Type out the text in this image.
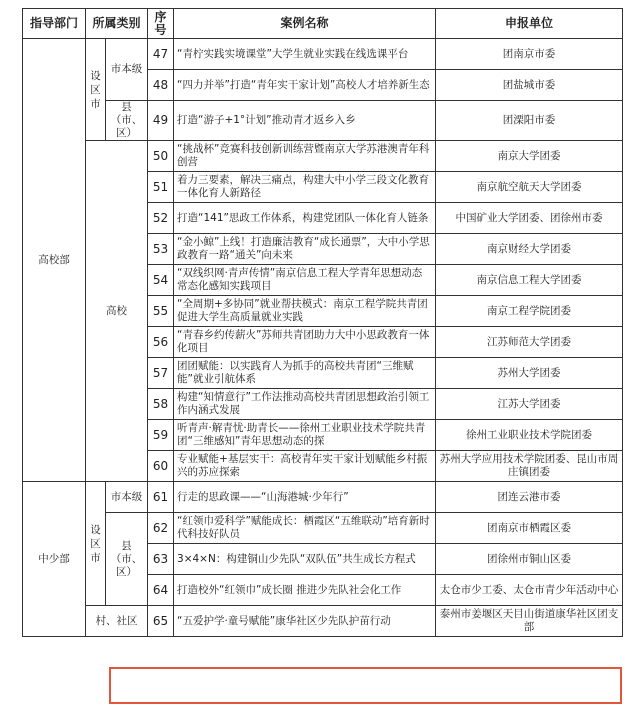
指导部门	所属类别		序号	案例名称	申报单位
高校部	设区市	市本级	47	“青柠实践实境课堂”大学生就业实践在线选课平台	团南京市委
			48	“四力并举”打造“青年实干家计划”高校人才培养新生态	团盐城市委
		县（市、区）	49	打造“游子+1°计划”推动青才返乡入乡	团溧阳市委
	高校		50	“挑战杯”竞赛科技创新训练营暨南京大学苏港澳青年科创营	南京大学团委
			51	着力三要素，解决三痛点，构建大中小学三段文化教育一体化育人新路径	南京航空航天大学团委
			52	打造“141”思政工作体系，构建党团队一体化育人链条	中国矿业大学团委、团徐州市委
			53	“金小鲸”上线！打造廉洁教育“成长通票”，大中小学思政教育一路“通关”向未来	南京财经大学团委
			54	“双线织网·青声传情”南京信息工程大学青年思想动态常态化感知实践项目	南京信息工程大学团委
			55	“全周期+多协同”就业帮扶模式：南京工程学院共青团促进大学生高质量就业实践	南京工程学院团委
			56	“青春乡约传薪火”苏师共青团助力大中小思政教育一体化项目	江苏师范大学团委
			57	团团赋能：以实践育人为抓手的高校共青团“三维赋能”就业引航体系	苏州大学团委
			58	构建“知情意行”工作法推动高校共青团思想政治引领工作内涵式发展	江苏大学团委
			59	听青声·解青忧·助青长——徐州工业职业技术学院共青团“三维感知”青年思想动态的探	徐州工业职业技术学院团委
			60	专业赋能+基层实干：高校青年实干家计划赋能乡村振兴的苏应探索	苏州大学应用技术学院团委、昆山市周庄镇团委
中少部	设区市	市本级	61	行走的思政课——“山海港城·少年行”	团连云港市委
		县（市、区）	62	“红领巾爱科学”赋能成长：栖霞区“五维联动”培育新时代科技好队员	团南京市栖霞区委
			63	3×4×N：构建铜山少先队“双队伍”共生成长方程式	团徐州市铜山区委
			64	打造校外“红领巾”成长圈 推进少先队社会化工作	太仓市少工委、太仓市青少年活动中心
	村、社区		65	“五爱护学·童号赋能”康华社区少先队护苗行动	泰州市姜堰区天目山街道康华社区团支部
